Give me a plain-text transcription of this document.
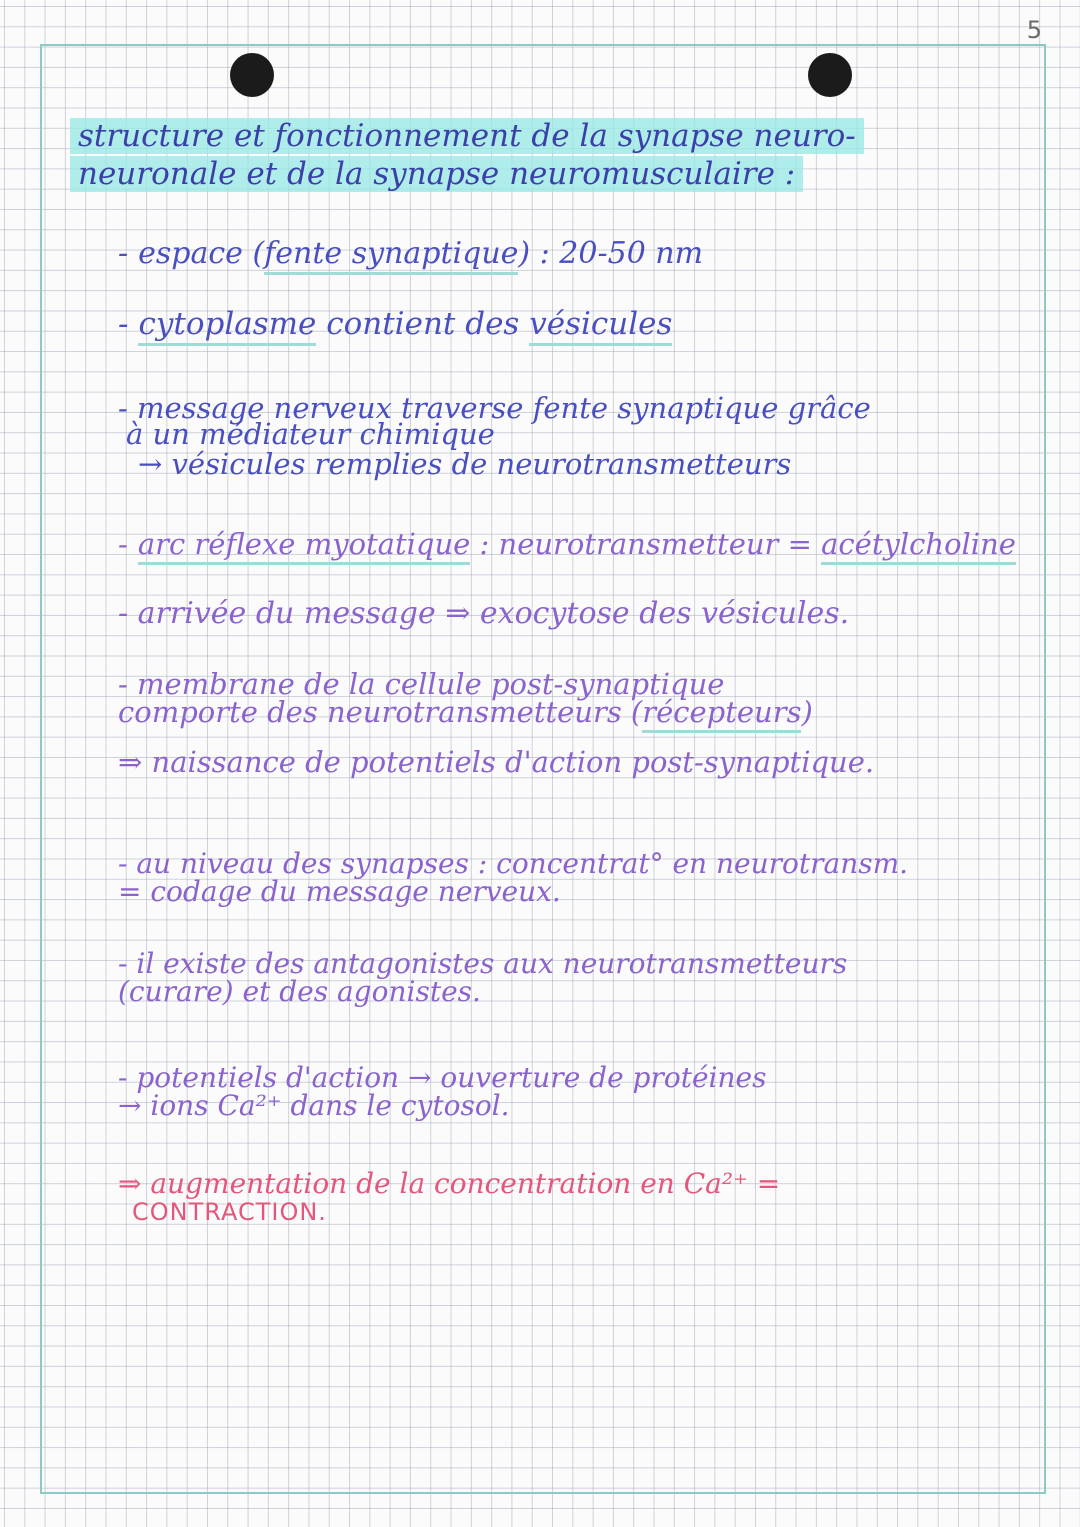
5
structure et fonctionnement de la synapse neuro-
neuronale et de la synapse neuromusculaire :
- espace (fente synaptique) : 20-50 nm
- cytoplasme contient des vésicules
- message nerveux traverse fente synaptique grâce
à un médiateur chimique
→ vésicules remplies de neurotransmetteurs
- arc réflexe myotatique : neurotransmetteur = acétylcholine
- arrivée du message ⇒ exocytose des vésicules.
- membrane de la cellule post-synaptique
comporte des neurotransmetteurs (récepteurs)
⇒ naissance de potentiels d'action post-synaptique.
- au niveau des synapses : concentrat° en neurotransm.
= codage du message nerveux.
- il existe des antagonistes aux neurotransmetteurs
(curare) et des agonistes.
- potentiels d'action → ouverture de protéines
→ ions Ca²⁺ dans le cytosol.
⇒ augmentation de la concentration en Ca²⁺ =
CONTRACTION.
